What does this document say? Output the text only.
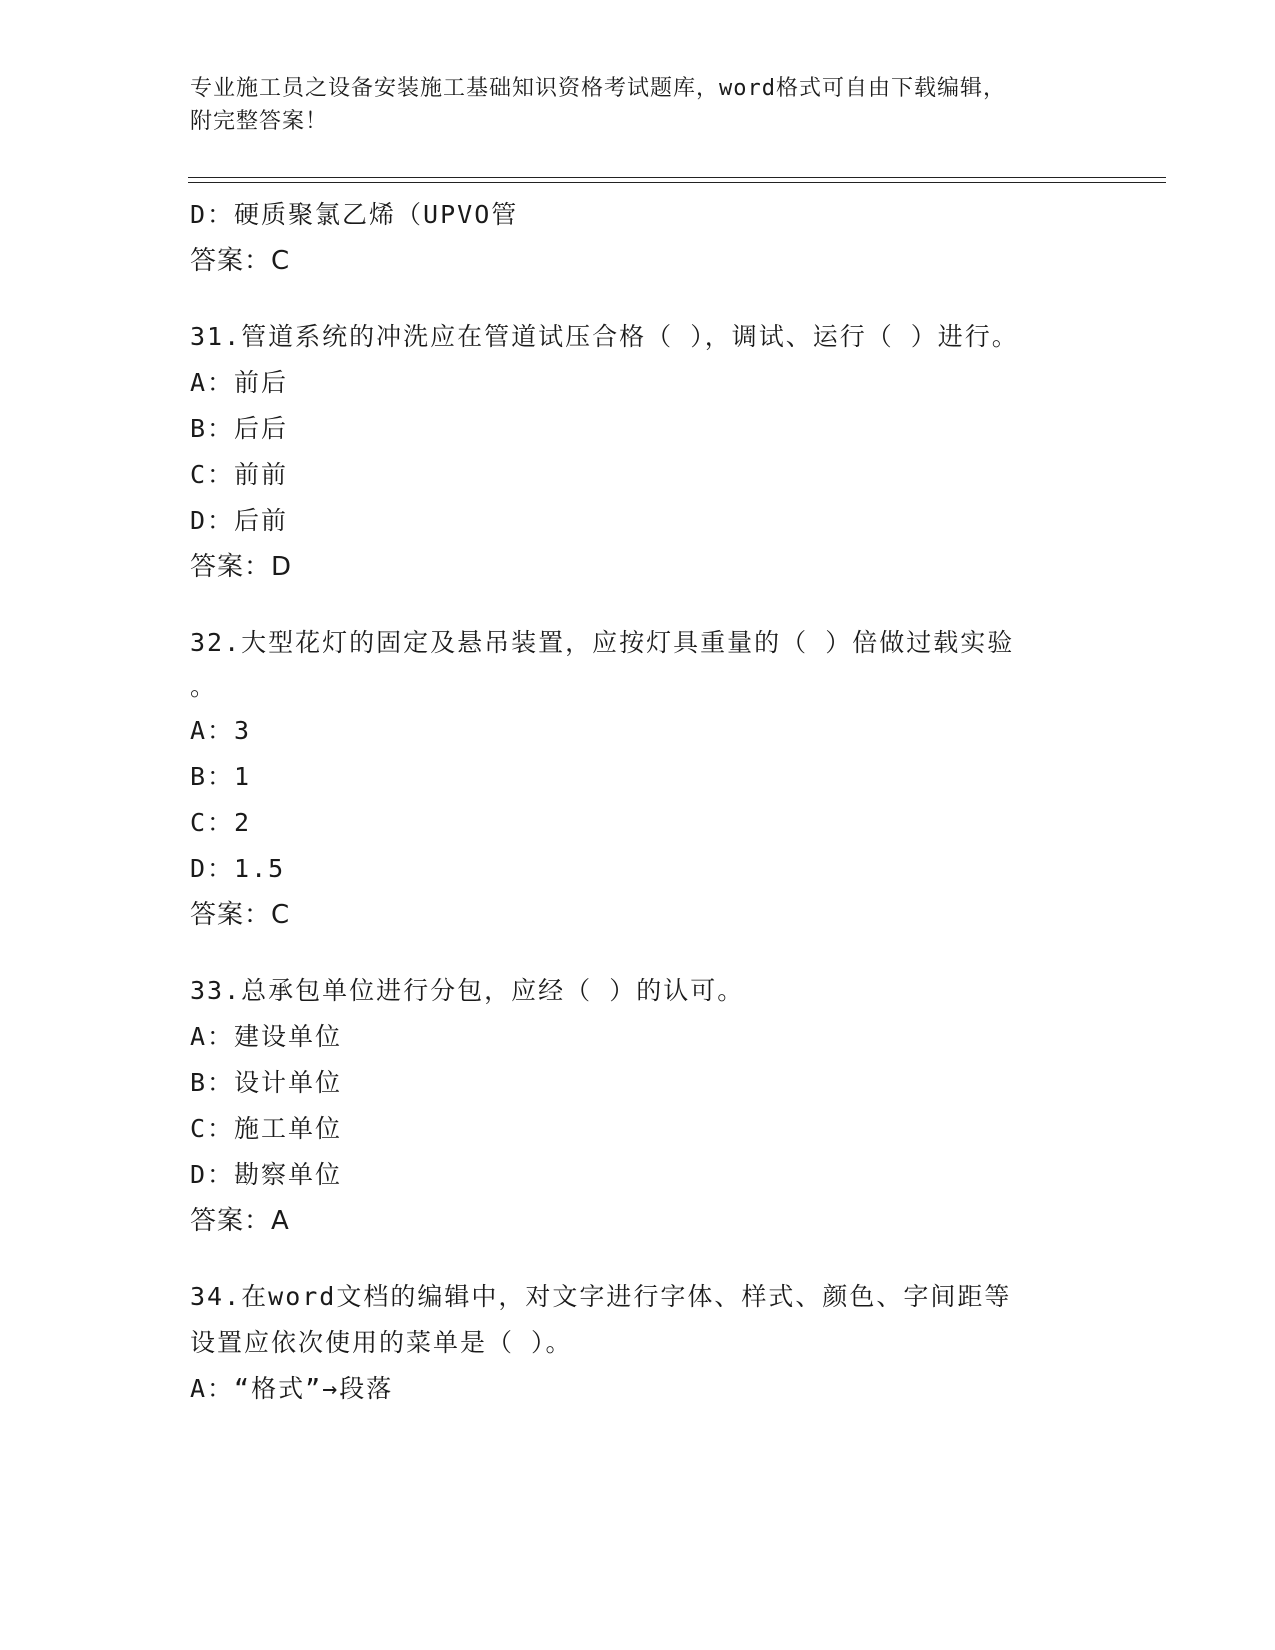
专业施工员之设备安装施工基础知识资格考试题库，word格式可自由下载编辑，
附完整答案！
D：硬质聚氯乙烯（UPVO管
答案：C
31.管道系统的冲洗应在管道试压合格（ ），调试、运行（ ）进行。
A：前后
B：后后
C：前前
D：后前
答案：D
32.大型花灯的固定及悬吊装置，应按灯具重量的（ ）倍做过载实验
。
A：3
B：1
C：2
D：1.5
答案：C
33.总承包单位进行分包，应经（ ）的认可。
A：建设单位
B：设计单位
C：施工单位
D：勘察单位
答案：A
34.在word文档的编辑中，对文字进行字体、样式、颜色、字间距等
设置应依次使用的菜单是（ ）。
A：“格式”→段落
